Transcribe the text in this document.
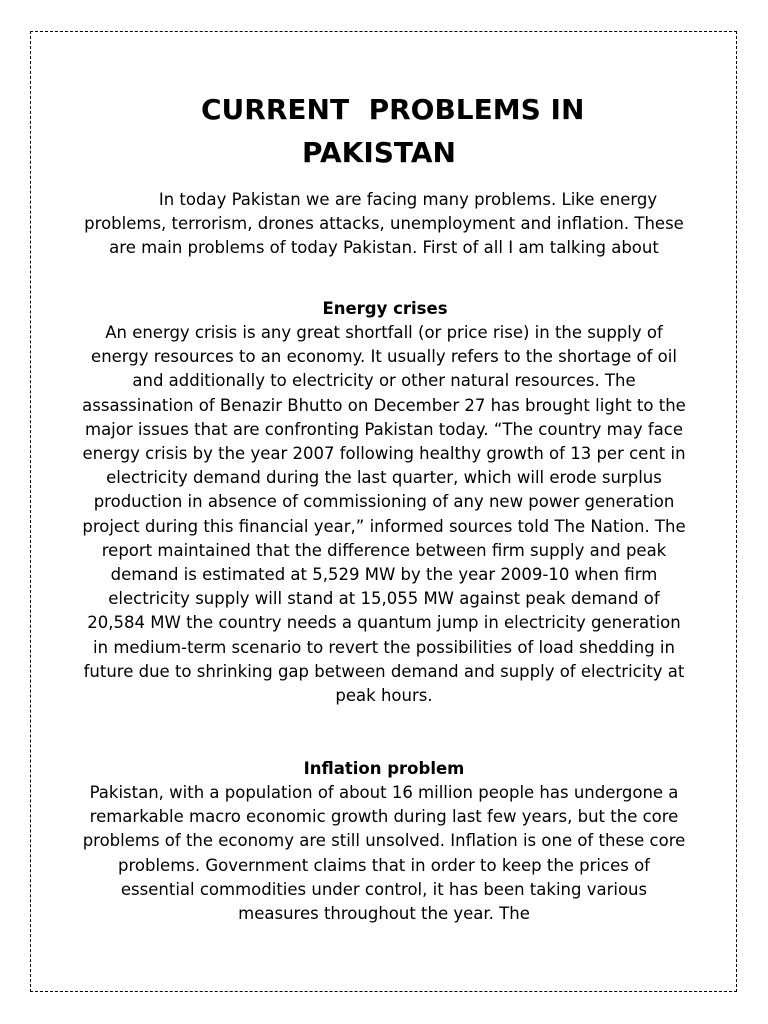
CURRENT  PROBLEMS IN
PAKISTAN

In today Pakistan we are facing many problems. Like energy problems, terrorism, drones attacks, unemployment and inflation. These are main problems of today Pakistan. First of all I am talking about

Energy crises

An energy crisis is any great shortfall (or price rise) in the supply of energy resources to an economy. It usually refers to the shortage of oil and additionally to electricity or other natural resources. The assassination of Benazir Bhutto on December 27 has brought light to the major issues that are confronting Pakistan today. “The country may face energy crisis by the year 2007 following healthy growth of 13 per cent in electricity demand during the last quarter, which will erode surplus production in absence of commissioning of any new power generation project during this financial year,” informed sources told The Nation. The report maintained that the difference between firm supply and peak demand is estimated at 5,529 MW by the year 2009-10 when firm electricity supply will stand at 15,055 MW against peak demand of 20,584 MW the country needs a quantum jump in electricity generation in medium-term scenario to revert the possibilities of load shedding in future due to shrinking gap between demand and supply of electricity at peak hours.

Inflation problem

Pakistan, with a population of about 16 million people has undergone a remarkable macro economic growth during last few years, but the core problems of the economy are still unsolved. Inflation is one of these core problems. Government claims that in order to keep the prices of essential commodities under control, it has been taking various measures throughout the year. The
